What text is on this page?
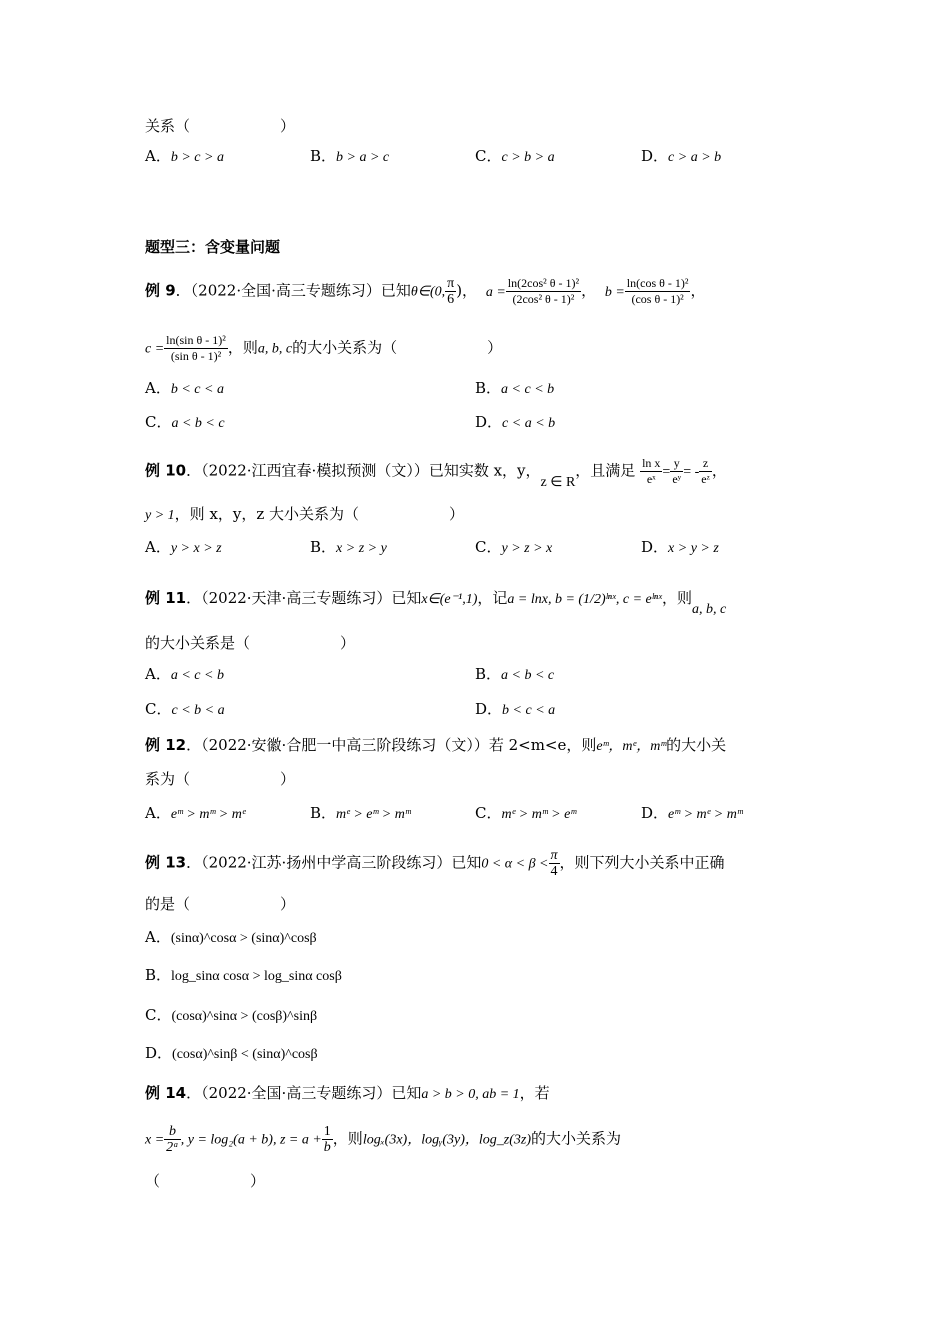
关系（　　　　　　）
A．b > c > a	B．b > a > c	C．c > b > a	D．c > a > b
题型三：含变量问题
例 9．（2022·全国·高三专题练习）已知θ∈(0, $\frac{\pi}{6}$ )， $a = \frac{\text{ln(2cos² θ - 1)²}}{\text{(2cos² θ - 1)²}}$ ， $b = \frac{\text{ln(cos θ - 1)²}}{\text{(cos θ - 1)²}}$ ，
$c = \frac{\text{ln(sin θ - 1)²}}{\text{(sin θ - 1)²}}$ ，则a, b, c的大小关系为（　　　　　　）
A．b < c < a	B．a < c < b
C．a < b < c	D．c < a < b
例 10．（2022·江西宜春·模拟预测（文））已知实数 x，y，z ∈ R，且满足 $\frac{\text{ln x}}{\text{eˣ}} = \frac{y}{\text{eʸ}}$ = - $\frac{z}{\text{eᶻ}}$ ，
y > 1，则 x，y，z 大小关系为（　　　　　　）
A．y > x > z	B．x > z > y	C．y > z > x	D．x > y > z
例 11．（2022·天津·高三专题练习）已知x∈(e⁻¹,1)，记a = lnx, b = (1/2)ˡⁿˣ, c = eˡⁿˣ，则a, b, c
的大小关系是（　　　　　　）
A．a < c < b	B．a < b < c
C．c < b < a	D．b < c < a
例 12．（2022·安徽·合肥一中高三阶段练习（文））若 2<m<e，则eᵐ，mᵉ，mᵐ的大小关
系为（　　　　　　）
A．eᵐ > mᵐ > mᵉ	B．mᵉ > eᵐ > mᵐ	C．mᵉ > mᵐ > eᵐ	D．eᵐ > mᵉ > mᵐ
例 13．（2022·江苏·扬州中学高三阶段练习）已知$0 < \alpha < \beta < \frac{\pi}{4}$ ，则下列大小关系中正确
的是（　　　　　　）
A．(sinα)^cosα > (sinα)^cosβ
B．log_sinα cosα > log_sinα cosβ
C．(cosα)^sinα > (cosβ)^sinβ
D．(cosα)^sinβ < (sinα)^cosβ
例 14．（2022·全国·高三专题练习）已知a > b > 0, ab = 1，若
$x = \frac{b}{\text{2ᵃ}}$ , y = log₂(a + b), $z = a + \frac{1}{b}$ ，则logₓ(3x)，logᵧ(3y)，log_z(3z)的大小关系为
（　　　　　　）
